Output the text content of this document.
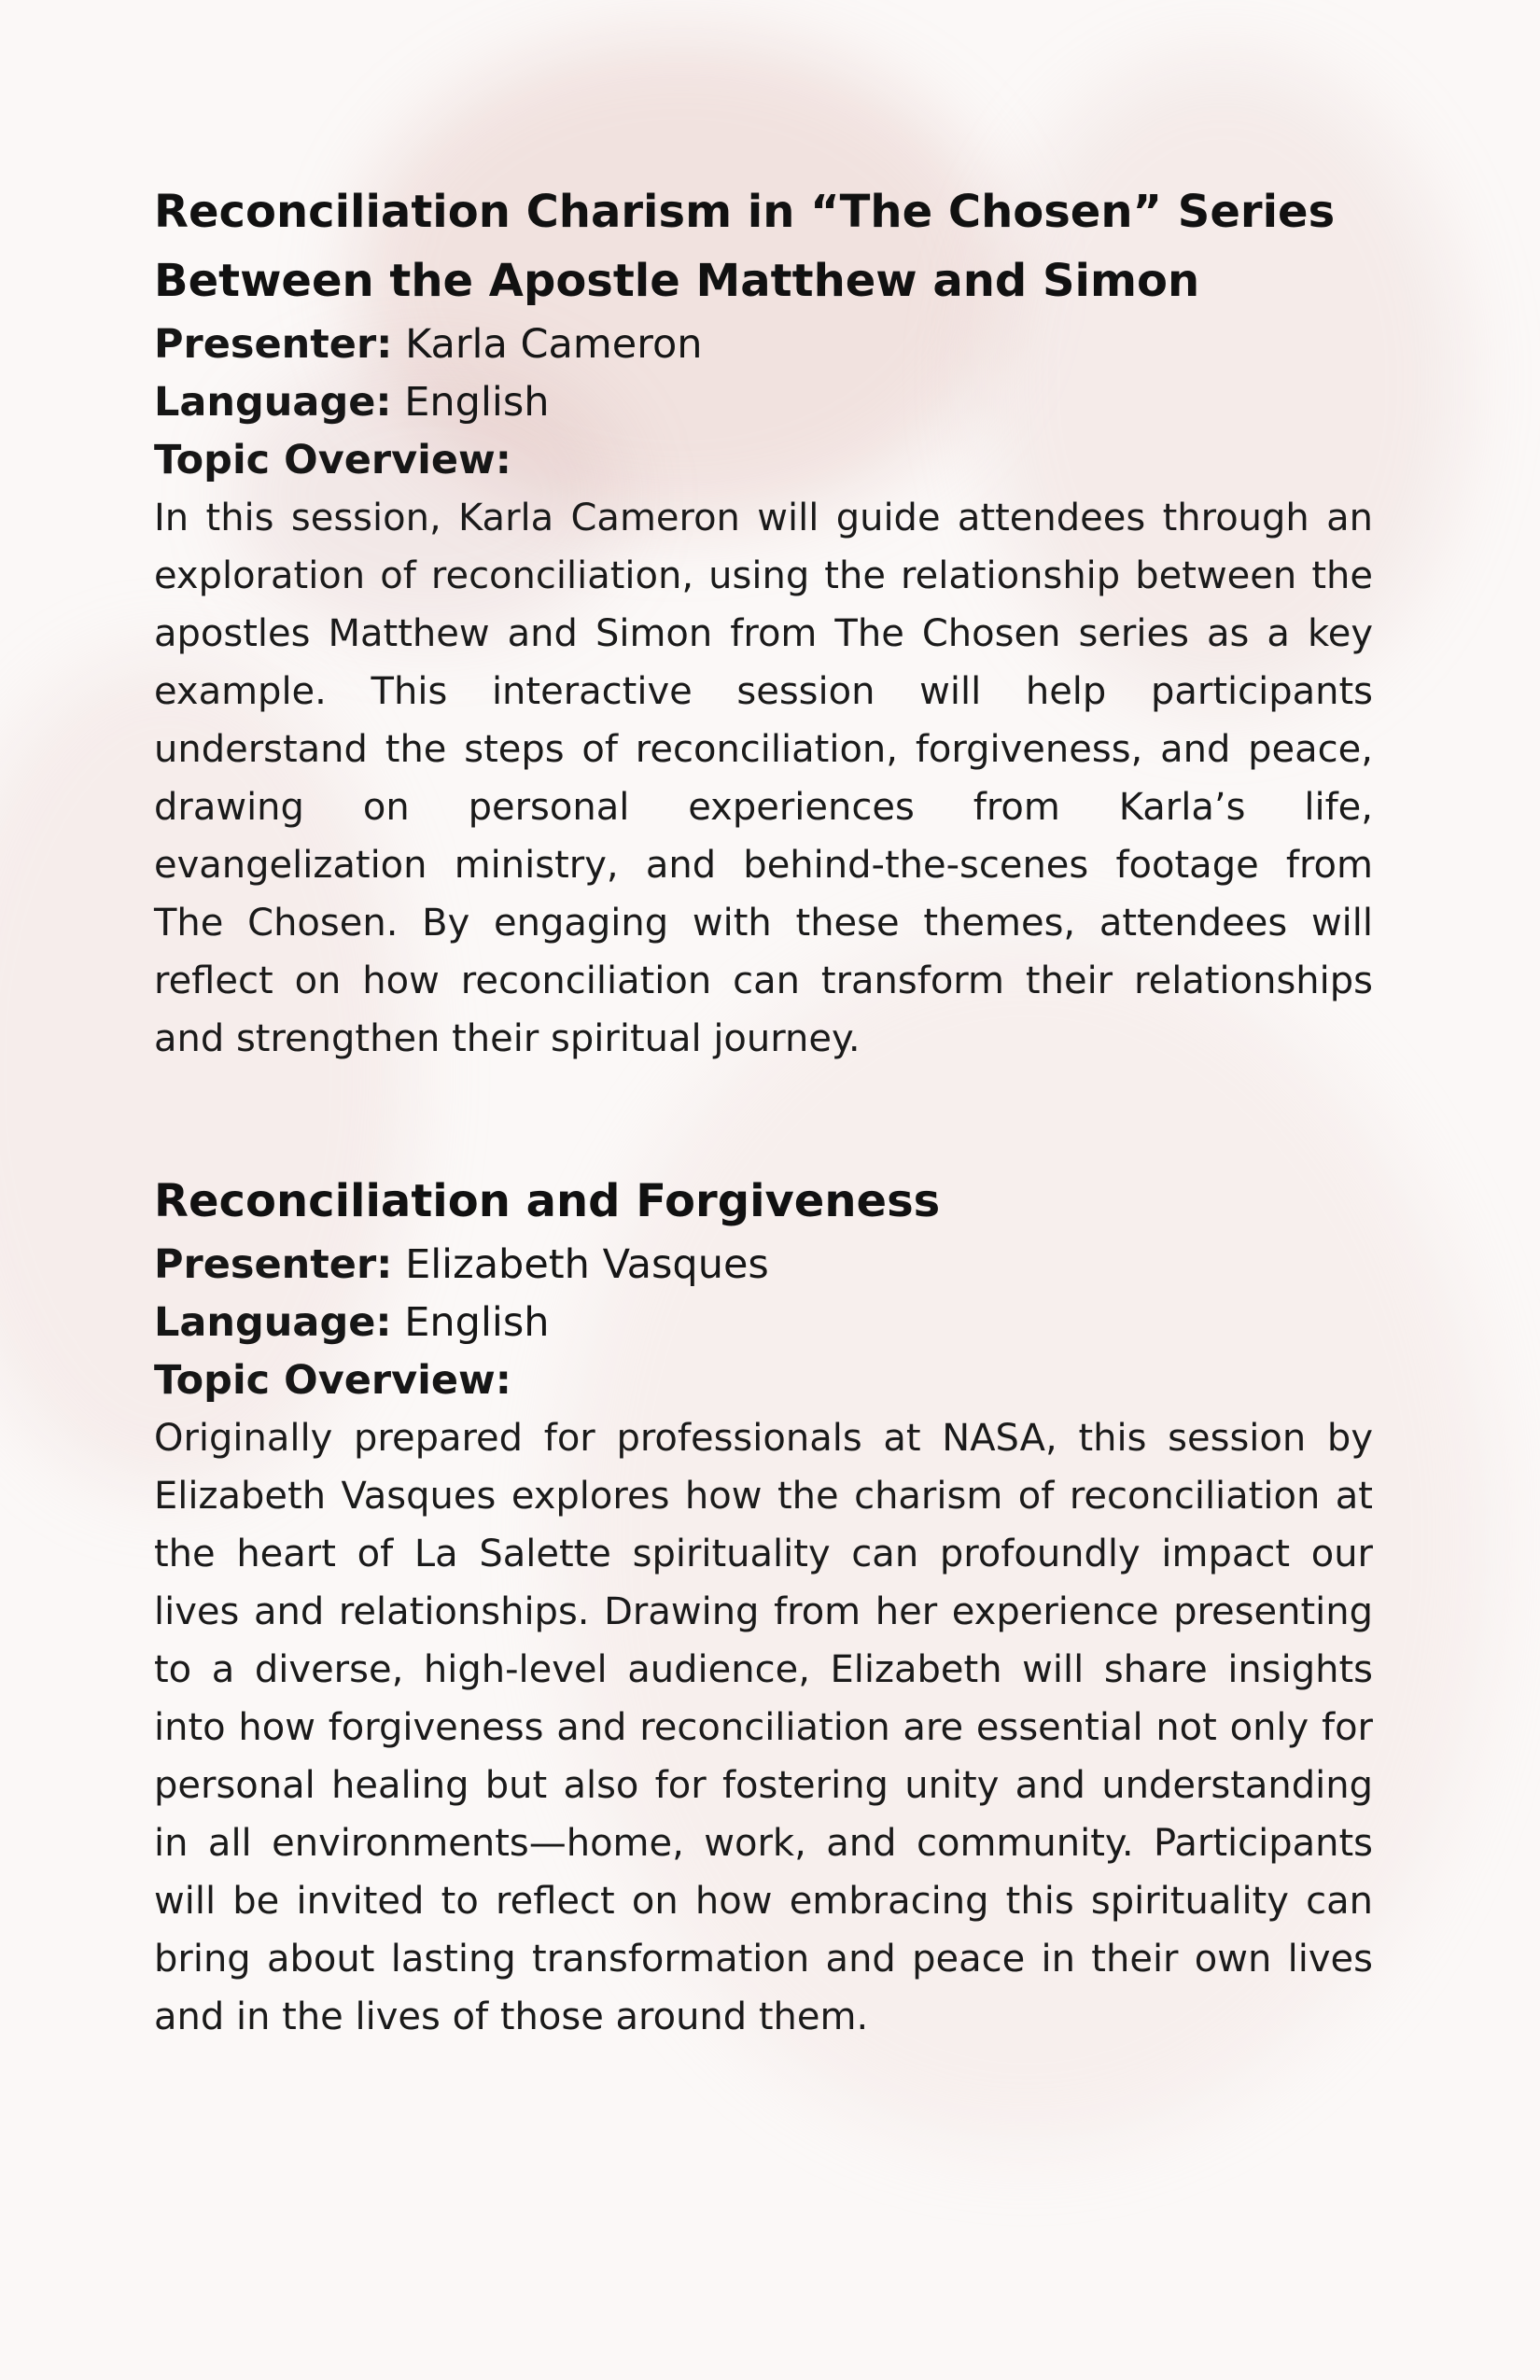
Reconciliation Charism in “The Chosen” Series
Between the Apostle Matthew and Simon

Presenter: Karla Cameron

Language: English

Topic Overview:

In this session, Karla Cameron will guide attendees through an exploration of reconciliation, using the relationship between the apostles Matthew and Simon from The Chosen series as a key example. This interactive session will help participants understand the steps of reconciliation, forgiveness, and peace, drawing on personal experiences from Karla’s life, evangelization ministry, and behind-the-scenes footage from The Chosen. By engaging with these themes, attendees will reflect on how reconciliation can transform their relationships and strengthen their spiritual journey.

Reconciliation and Forgiveness

Presenter: Elizabeth Vasques

Language: English

Topic Overview:

Originally prepared for professionals at NASA, this session by Elizabeth Vasques explores how the charism of reconciliation at the heart of La Salette spirituality can profoundly impact our lives and relationships. Drawing from her experience presenting to a diverse, high-level audience, Elizabeth will share insights into how forgiveness and reconciliation are essential not only for personal healing but also for fostering unity and understanding in all environments—home, work, and community. Participants will be invited to reflect on how embracing this spirituality can bring about lasting transformation and peace in their own lives and in the lives of those around them.
